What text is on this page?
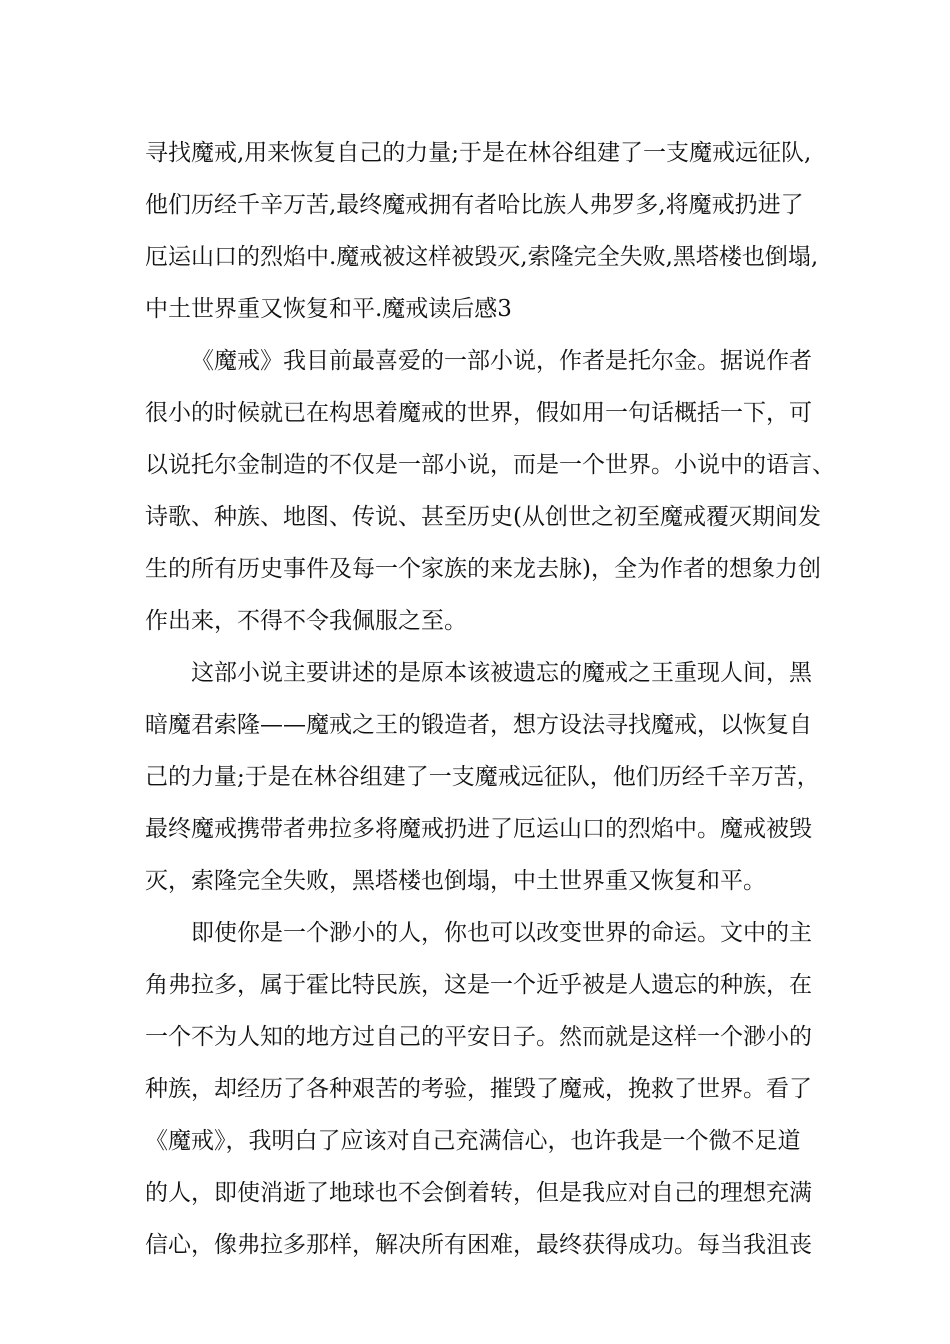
寻找魔戒,用来恢复自己的力量;于是在林谷组建了一支魔戒远征队,
他们历经千辛万苦,最终魔戒拥有者哈比族人弗罗多,将魔戒扔进了
厄运山口的烈焰中.魔戒被这样被毁灭,索隆完全失败,黑塔楼也倒塌,
中土世界重又恢复和平.魔戒读后感3
《魔戒》我目前最喜爱的一部小说，作者是托尔金。据说作者
很小的时候就已在构思着魔戒的世界，假如用一句话概括一下，可
以说托尔金制造的不仅是一部小说，而是一个世界。小说中的语言、
诗歌、种族、地图、传说、甚至历史(从创世之初至魔戒覆灭期间发
生的所有历史事件及每一个家族的来龙去脉)，全为作者的想象力创
作出来，不得不令我佩服之至。
这部小说主要讲述的是原本该被遗忘的魔戒之王重现人间，黑
暗魔君索隆——魔戒之王的锻造者，想方设法寻找魔戒，以恢复自
己的力量;于是在林谷组建了一支魔戒远征队，他们历经千辛万苦，
最终魔戒携带者弗拉多将魔戒扔进了厄运山口的烈焰中。魔戒被毁
灭，索隆完全失败，黑塔楼也倒塌，中土世界重又恢复和平。
即使你是一个渺小的人，你也可以改变世界的命运。文中的主
角弗拉多，属于霍比特民族，这是一个近乎被是人遗忘的种族，在
一个不为人知的地方过自己的平安日子。然而就是这样一个渺小的
种族，却经历了各种艰苦的考验，摧毁了魔戒，挽救了世界。看了
《魔戒》，我明白了应该对自己充满信心，也许我是一个微不足道
的人，即使消逝了地球也不会倒着转，但是我应对自己的理想充满
信心，像弗拉多那样，解决所有困难，最终获得成功。每当我沮丧
